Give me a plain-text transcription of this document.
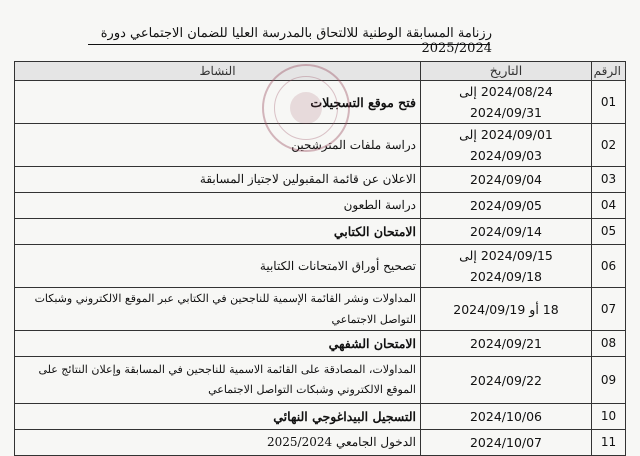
رزنامة المسابقة الوطنية للالتحاق بالمدرسة العليا للضمان الاجتماعي دورة 2025/2024
الرقم	التاريخ	النشاط
01	2024/08/24 إلى 2024/09/31	فتح موقع التسجيلات
02	2024/09/01 إلى 2024/09/03	دراسة ملفات المترشحين
03	2024/09/04	الاعلان عن قائمة المقبولين لاجتياز المسابقة
04	2024/09/05	دراسة الطعون
05	2024/09/14	الامتحان الكتابي
06	2024/09/15 إلى 2024/09/18	تصحيح أوراق الامتحانات الكتابية
07	18 أو 2024/09/19	المداولات ونشر القائمة الإسمية للناجحين في الكتابي عبر الموقع الالكتروني وشبكات التواصل الاجتماعي
08	2024/09/21	الامتحان الشفهي
09	2024/09/22	المداولات، المصادقة على القائمة الاسمية للناجحين في المسابقة وإعلان النتائج على الموقع الالكتروني وشبكات التواصل الاجتماعي
10	2024/10/06	التسجيل البيداغوجي النهائي
11	2024/10/07	الدخول الجامعي 2025/2024
